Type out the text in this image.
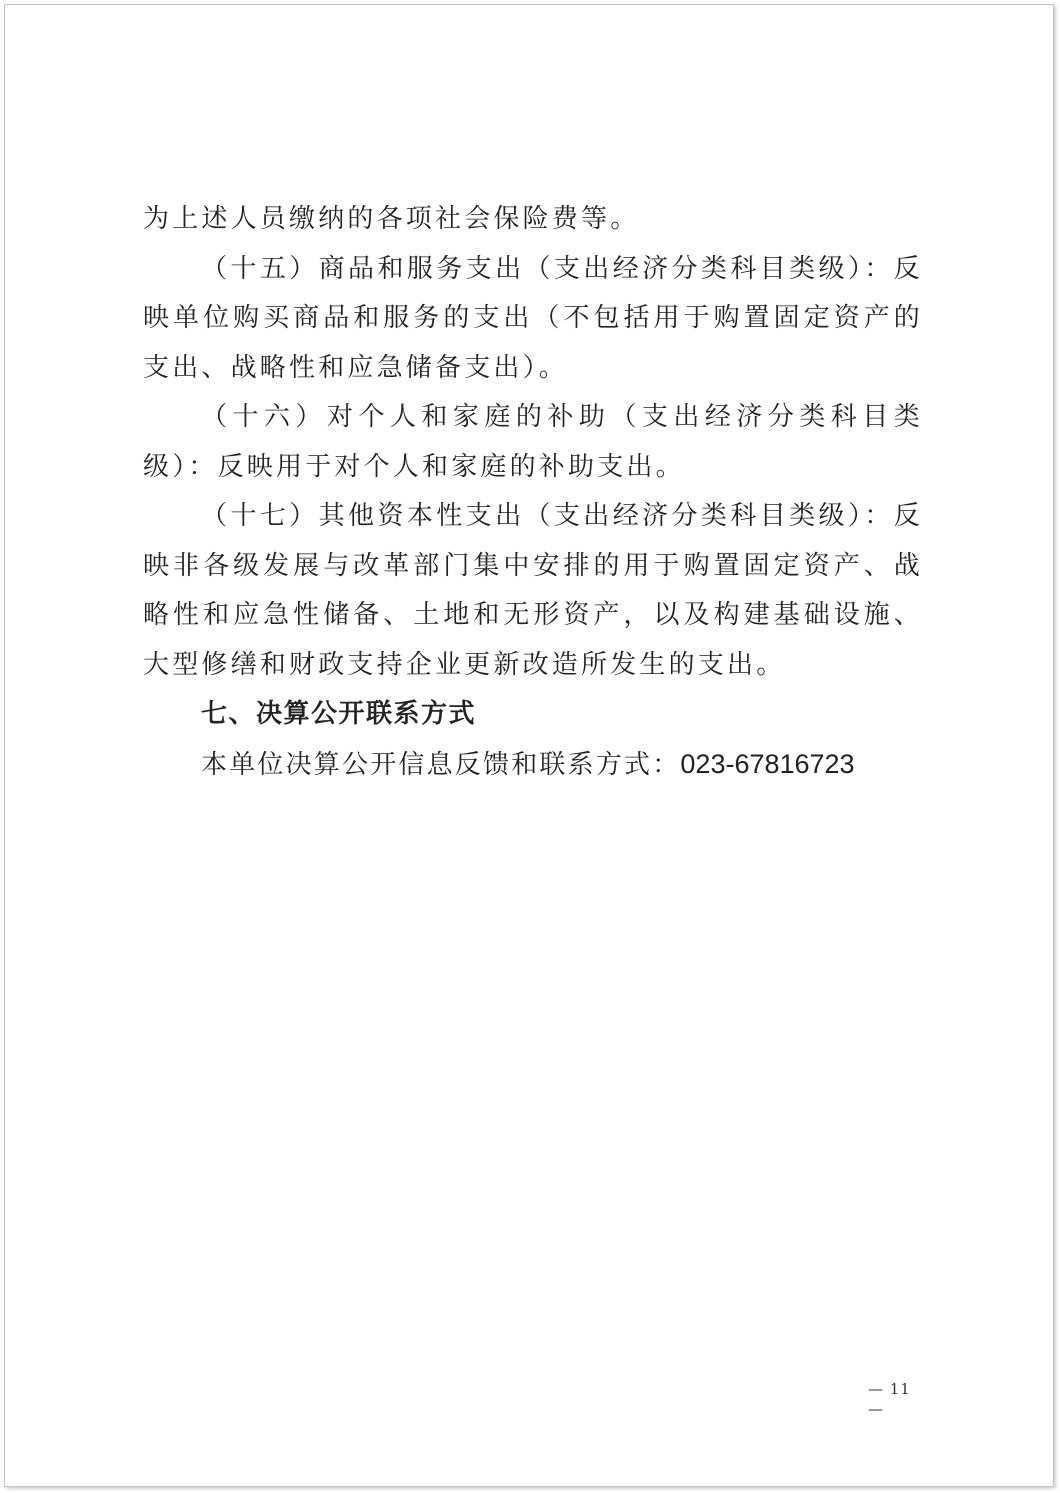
为上述人员缴纳的各项社会保险费等。

（十五）商品和服务支出（支出经济分类科目类级）：反映单位购买商品和服务的支出（不包括用于购置固定资产的支出、战略性和应急储备支出）。

（十六）对个人和家庭的补助（支出经济分类科目类级）：反映用于对个人和家庭的补助支出。

（十七）其他资本性支出（支出经济分类科目类级）：反映非各级发展与改革部门集中安排的用于购置固定资产、战略性和应急性储备、土地和无形资产，以及构建基础设施、大型修缮和财政支持企业更新改造所发生的支出。

七、决算公开联系方式

本单位决算公开信息反馈和联系方式：023-67816723

— 11 —
